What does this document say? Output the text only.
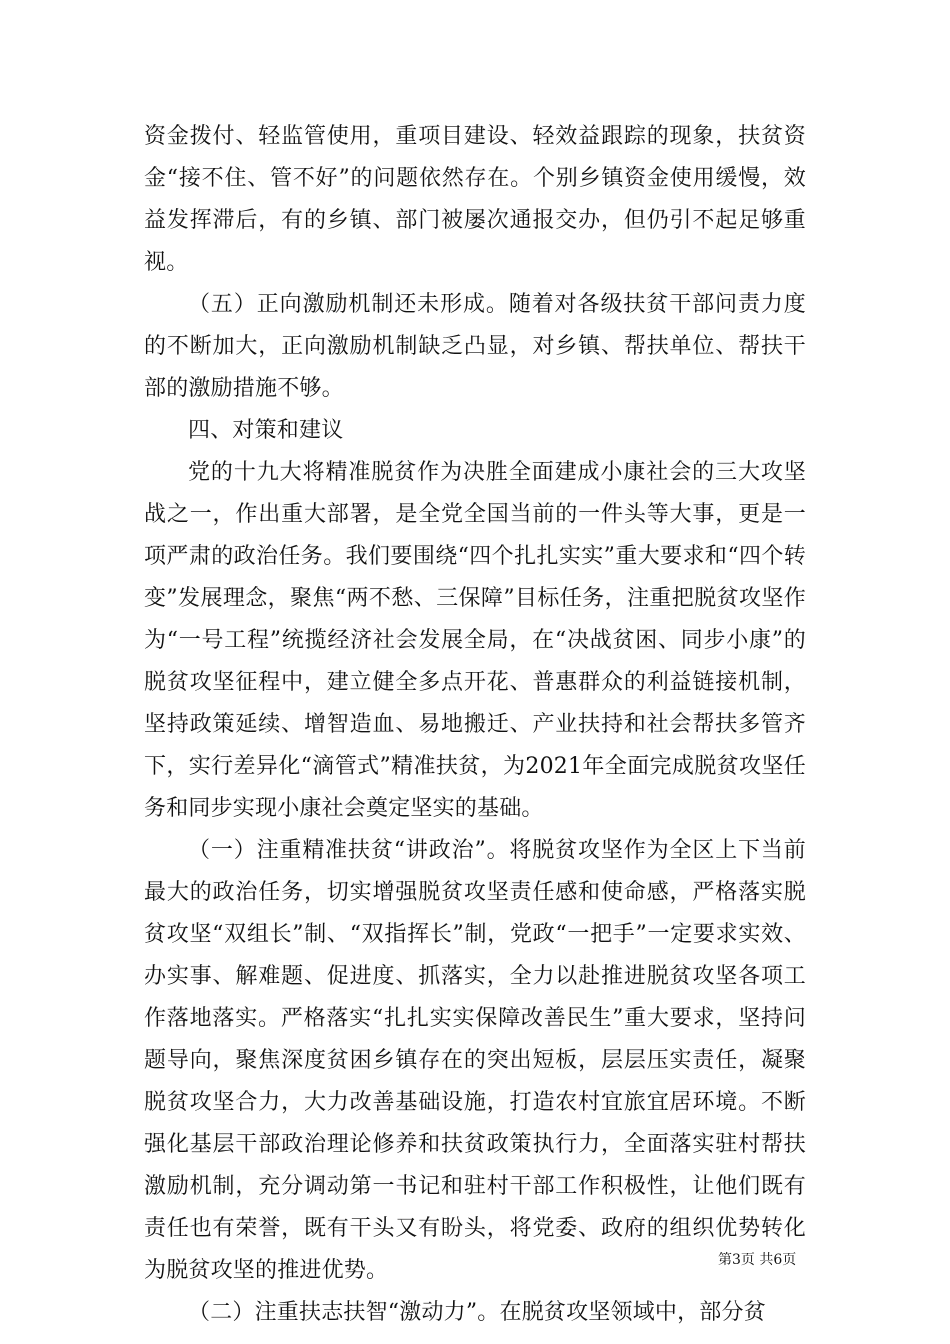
资金拨付、轻监管使用，重项目建设、轻效益跟踪的现象，扶贫资金“接不住、管不好”的问题依然存在。个别乡镇资金使用缓慢，效益发挥滞后，有的乡镇、部门被屡次通报交办，但仍引不起足够重视。

（五）正向激励机制还未形成。随着对各级扶贫干部问责力度的不断加大，正向激励机制缺乏凸显，对乡镇、帮扶单位、帮扶干部的激励措施不够。

四、对策和建议

党的十九大将精准脱贫作为决胜全面建成小康社会的三大攻坚战之一，作出重大部署，是全党全国当前的一件头等大事，更是一项严肃的政治任务。我们要围绕“四个扎扎实实”重大要求和“四个转变”发展理念，聚焦“两不愁、三保障”目标任务，注重把脱贫攻坚作为“一号工程”统揽经济社会发展全局，在“决战贫困、同步小康”的脱贫攻坚征程中，建立健全多点开花、普惠群众的利益链接机制，坚持政策延续、增智造血、易地搬迁、产业扶持和社会帮扶多管齐下，实行差异化“滴管式”精准扶贫，为2021年全面完成脱贫攻坚任务和同步实现小康社会奠定坚实的基础。

（一）注重精准扶贫“讲政治”。将脱贫攻坚作为全区上下当前最大的政治任务，切实增强脱贫攻坚责任感和使命感，严格落实脱贫攻坚“双组长”制、“双指挥长”制，党政“一把手”一定要求实效、办实事、解难题、促进度、抓落实，全力以赴推进脱贫攻坚各项工作落地落实。严格落实“扎扎实实保障改善民生”重大要求，坚持问题导向，聚焦深度贫困乡镇存在的突出短板，层层压实责任，凝聚脱贫攻坚合力，大力改善基础设施，打造农村宜旅宜居环境。不断强化基层干部政治理论修养和扶贫政策执行力，全面落实驻村帮扶激励机制，充分调动第一书记和驻村干部工作积极性，让他们既有责任也有荣誉，既有干头又有盼头，将党委、政府的组织优势转化为脱贫攻坚的推进优势。

（二）注重扶志扶智“激动力”。在脱贫攻坚领域中，部分贫

第3页 共6页
